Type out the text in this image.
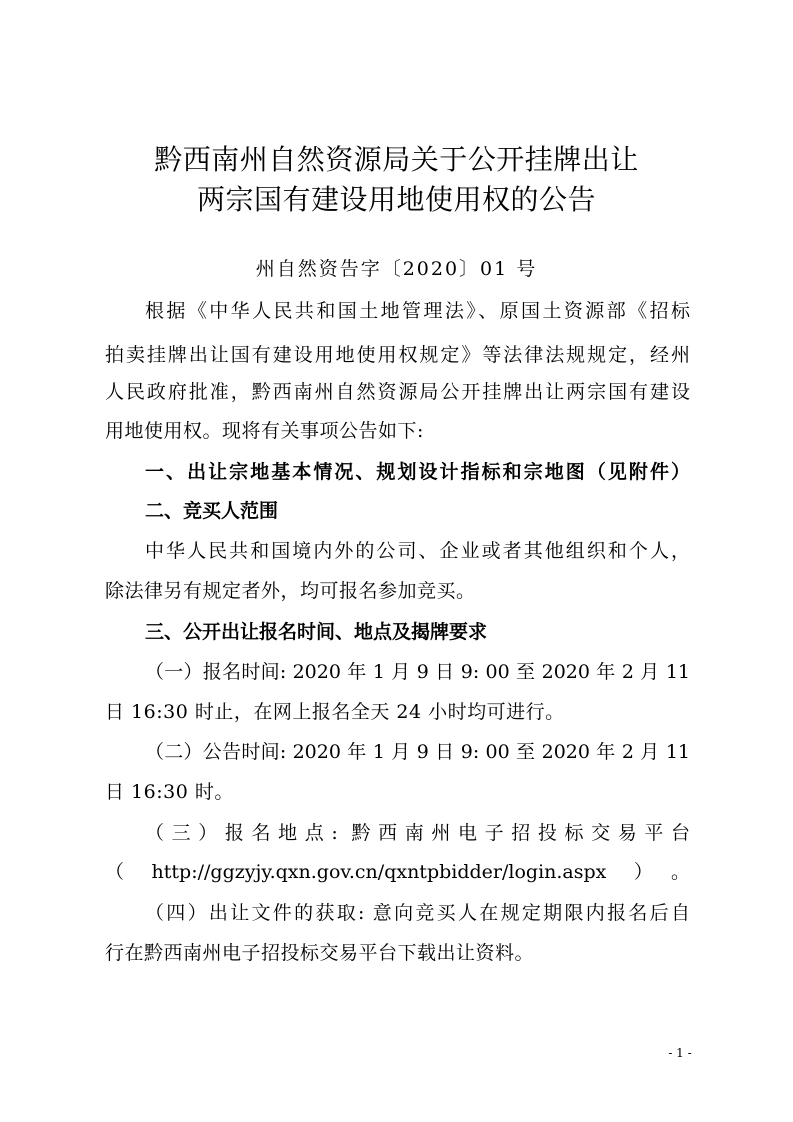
黔西南州自然资源局关于公开挂牌出让
两宗国有建设用地使用权的公告
州自然资告字〔2020〕01 号

根据《中华人民共和国土地管理法》、原国土资源部《招标

拍卖挂牌出让国有建设用地使用权规定》等法律法规规定，经州

人民政府批准，黔西南州自然资源局公开挂牌出让两宗国有建设

用地使用权。现将有关事项公告如下:

一、出让宗地基本情况、规划设计指标和宗地图（见附件）
二、竞买人范围

中华人民共和国境内外的公司、企业或者其他组织和个人，

除法律另有规定者外，均可报名参加竞买。

三、公开出让报名时间、地点及揭牌要求

（一）报名时间: 2020 年 1 月 9 日 9: 00 至 2020 年 2 月 11

日 16:30 时止，在网上报名全天 24 小时均可进行。

（二）公告时间: 2020 年 1 月 9 日 9: 00 至 2020 年 2 月 11

日 16:30 时。

（三）报名地点: 黔西南州电子招投标交易平台

（http://ggzyjy.qxn.gov.cn/qxntpbidder/login.aspx）。

（四）出让文件的获取: 意向竞买人在规定期限内报名后自

行在黔西南州电子招投标交易平台下载出让资料。

- 1 -
